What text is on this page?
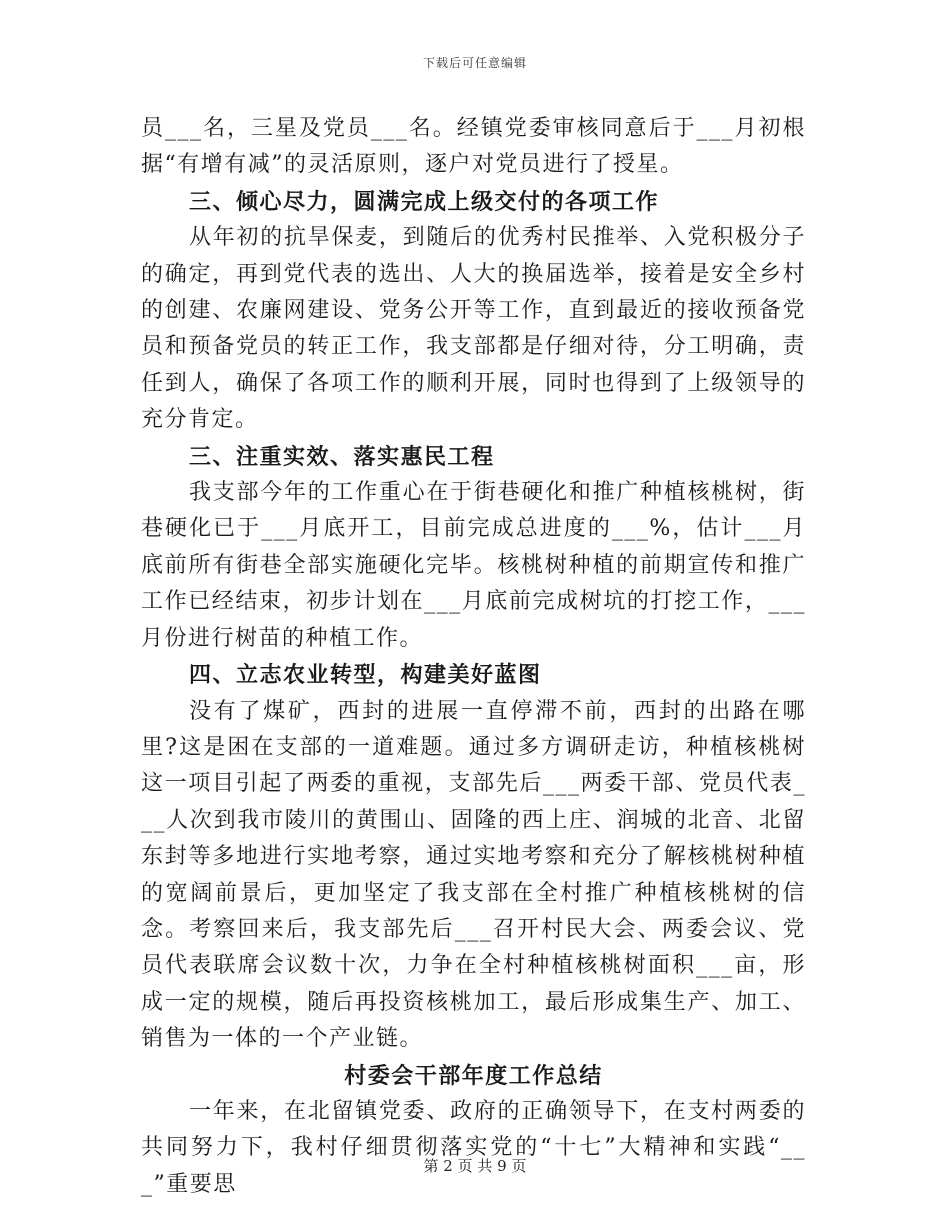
下载后可任意编辑

员___名，三星及党员___名。经镇党委审核同意后于___月初根据“有增有减”的灵活原则，逐户对党员进行了授星。

三、倾心尽力，圆满完成上级交付的各项工作

从年初的抗旱保麦，到随后的优秀村民推举、入党积极分子的确定，再到党代表的选出、人大的换届选举，接着是安全乡村的创建、农廉网建设、党务公开等工作，直到最近的接收预备党员和预备党员的转正工作，我支部都是仔细对待，分工明确，责任到人，确保了各项工作的顺利开展，同时也得到了上级领导的充分肯定。

三、注重实效、落实惠民工程

我支部今年的工作重心在于街巷硬化和推广种植核桃树，街巷硬化已于___月底开工，目前完成总进度的___%，估计___月底前所有街巷全部实施硬化完毕。核桃树种植的前期宣传和推广工作已经结束，初步计划在___月底前完成树坑的打挖工作，___月份进行树苗的种植工作。

四、立志农业转型，构建美好蓝图

没有了煤矿，西封的进展一直停滞不前，西封的出路在哪里?这是困在支部的一道难题。通过多方调研走访，种植核桃树这一项目引起了两委的重视，支部先后___两委干部、党员代表___人次到我市陵川的黄围山、固隆的西上庄、润城的北音、北留东封等多地进行实地考察，通过实地考察和充分了解核桃树种植的宽阔前景后，更加坚定了我支部在全村推广种植核桃树的信念。考察回来后，我支部先后___召开村民大会、两委会议、党员代表联席会议数十次，力争在全村种植核桃树面积___亩，形成一定的规模，随后再投资核桃加工，最后形成集生产、加工、销售为一体的一个产业链。

村委会干部年度工作总结

一年来，在北留镇党委、政府的正确领导下，在支村两委的共同努力下，我村仔细贯彻落实党的“十七”大精神和实践“___”重要思

第 2 页 共 9 页
